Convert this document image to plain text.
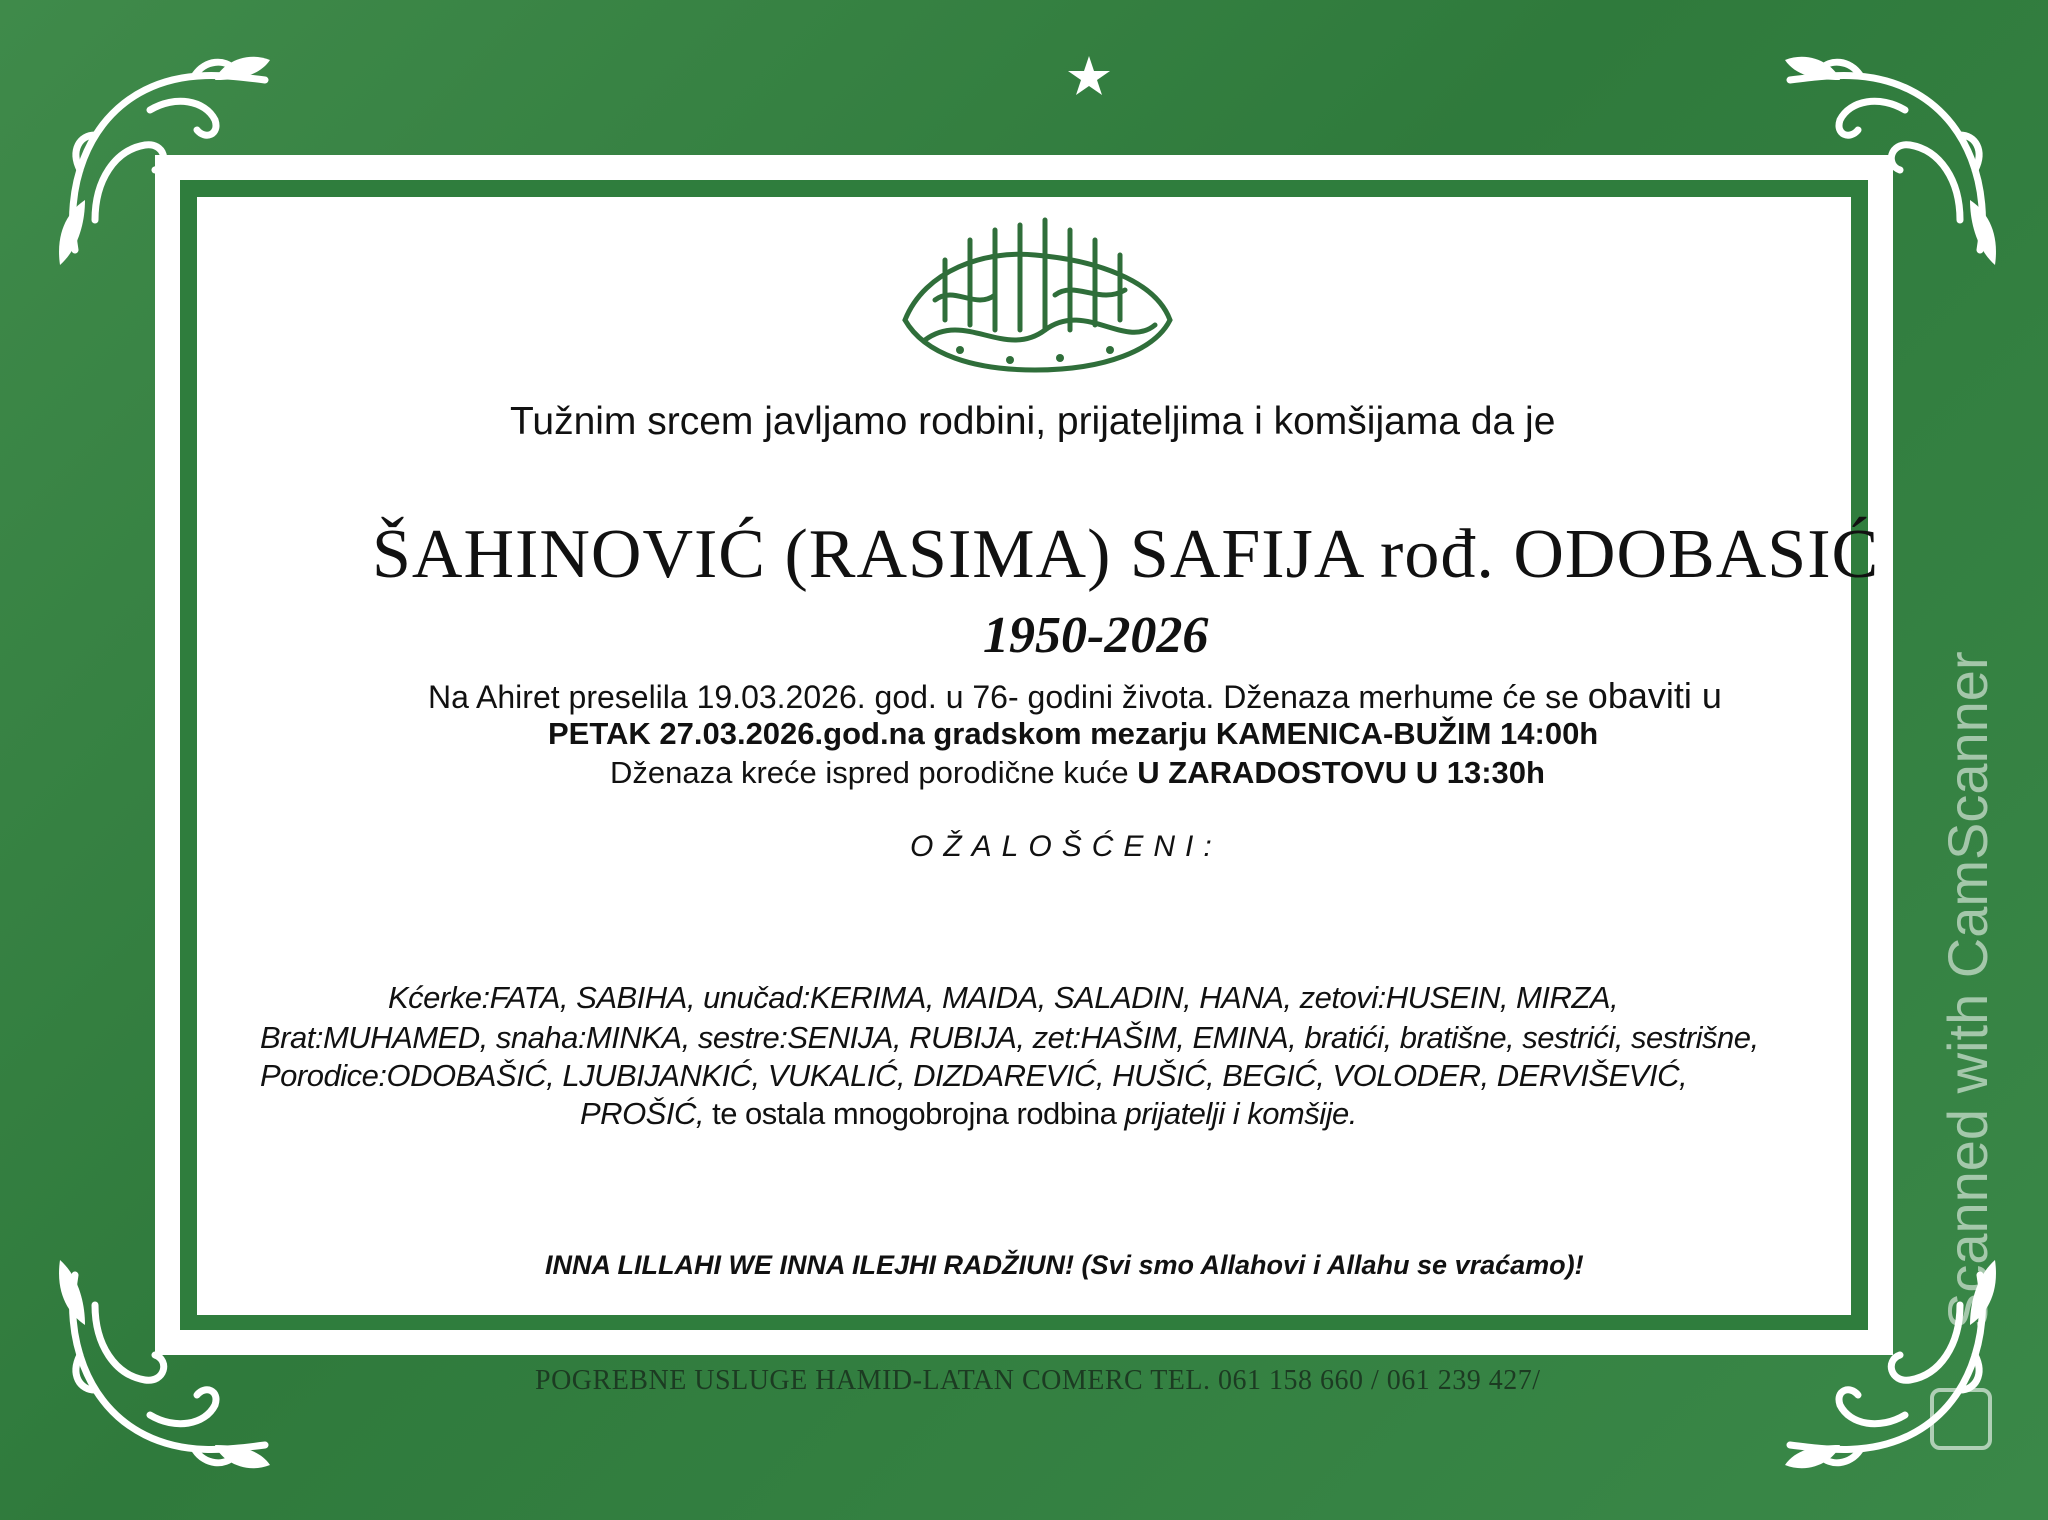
Tužnim srcem javljamo rodbini, prijateljima i komšijama da je
ŠAHINOVIĆ (RASIMA) SAFIJA rođ. ODOBASIĆ
1950-2026
Na Ahiret preselila 19.03.2026. god. u 76- godini života. Dženaza merhume će se obaviti u
PETAK 27.03.2026.god.na gradskom mezarju KAMENICA-BUŽIM 14:00h
Dženaza kreće ispred porodične kuće U ZARADOSTOVU U 13:30h
OŽALOŠĆENI:
Kćerke:FATA, SABIHA, unučad:KERIMA, MAIDA, SALADIN, HANA, zetovi:HUSEIN, MIRZA,
Brat:MUHAMED, snaha:MINKA, sestre:SENIJA, RUBIJA, zet:HAŠIM, EMINA, bratići, bratišne, sestrići, sestrišne,
Porodice:ODOBAŠIĆ, LJUBIJANKIĆ, VUKALIĆ, DIZDAREVIĆ, HUŠIĆ, BEGIĆ, VOLODER, DERVIŠEVIĆ,
PROŠIĆ, te ostala mnogobrojna rodbina prijatelji i komšije.
INNA LILLAHI WE INNA ILEJHI RADŽIUN! (Svi smo Allahovi i Allahu se vraćamo)!
POGREBNE USLUGE HAMID-LATAN COMERC TEL. 061 158 660 / 061 239 427/
Scanned with CamScanner
